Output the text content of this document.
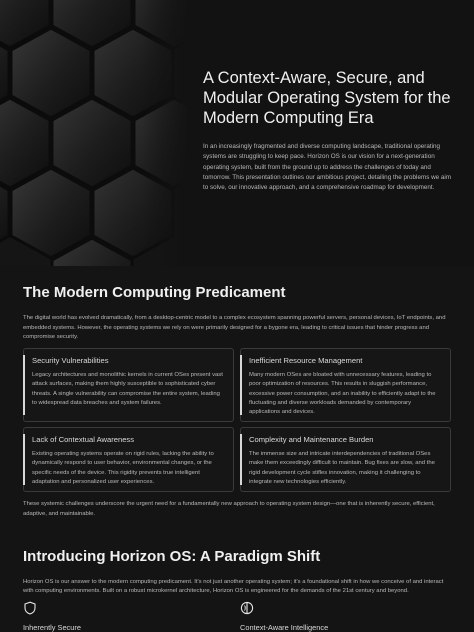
A Context-Aware, Secure, and Modular Operating System for the Modern Computing Era

In an increasingly fragmented and diverse computing landscape, traditional operating systems are struggling to keep pace. Horizon OS is our vision for a next-generation operating system, built from the ground up to address the challenges of today and tomorrow. This presentation outlines our ambitious project, detailing the problems we aim to solve, our innovative approach, and a comprehensive roadmap for development.

The Modern Computing Predicament

The digital world has evolved dramatically, from a desktop-centric model to a complex ecosystem spanning powerful servers, personal devices, IoT endpoints, and embedded systems. However, the operating systems we rely on were primarily designed for a bygone era, leading to critical issues that hinder progress and compromise security.

Security Vulnerabilities
Legacy architectures and monolithic kernels in current OSes present vast attack surfaces, making them highly susceptible to sophisticated cyber threats. A single vulnerability can compromise the entire system, leading to widespread data breaches and system failures.
Inefficient Resource Management
Many modern OSes are bloated with unnecessary features, leading to poor optimization of resources. This results in sluggish performance, excessive power consumption, and an inability to efficiently adapt to the fluctuating and diverse workloads demanded by contemporary applications and devices.
Lack of Contextual Awareness
Existing operating systems operate on rigid rules, lacking the ability to dynamically respond to user behavior, environmental changes, or the specific needs of the device. This rigidity prevents true intelligent adaptation and personalized user experiences.
Complexity and Maintenance Burden
The immense size and intricate interdependencies of traditional OSes make them exceedingly difficult to maintain. Bug fixes are slow, and the rigid development cycle stifles innovation, making it challenging to integrate new technologies efficiently.

These systemic challenges underscore the urgent need for a fundamentally new approach to operating system design—one that is inherently secure, efficient, adaptive, and maintainable.

Introducing Horizon OS: A Paradigm Shift

Horizon OS is our answer to the modern computing predicament. It's not just another operating system; it's a foundational shift in how we conceive of and interact with computing environments. Built on a robust microkernel architecture, Horizon OS is engineered for the demands of the 21st century and beyond.

Inherently Secure	Context-Aware Intelligence
